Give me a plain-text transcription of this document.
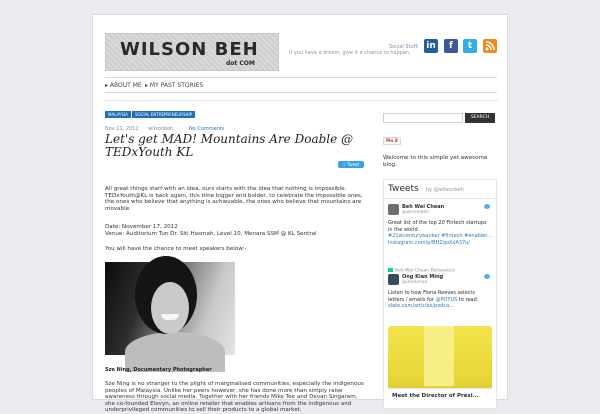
WILSON BEH
dot COM
Social Stuff:
If you have a dream, give it a chance to happen.
in	f	t
▸ ABOUT ME ▸ MY PAST STORIES
MALAYSIA SOCIAL ENTREPRENEURSHIP
Nov 11, 2012 wilsonbeh	No Comments
Let's get MAD! Mountains Are Doable @ TEDxYouth KL
✓ Tweet
All great things start with an idea, ours starts with the idea that nothing is impossible. TEDxYouth@KL is back again, this time bigger and bolder, to celebrate the impossible ones, the ones who believe that anything is achievable, the ones who believe that mountains are movable.
Date: November 17, 2012
Venue: Auditorium Tun Dr. Siti Hasmah, Level 10, Menara SSM @ KL Sentral
You will have the chance to meet speakers below:-
Sze Ning, Documentary Photographer
Sze Ning is no stranger to the plight of marginalised communities, especially the indigenous peoples of Malaysia. Unlike her peers however, she has done more than simply raise awareness through social media. Together with her friends Mike Tee and Devan Singaram, she co-founded Elevyn, an online retailer that enables artisans from the indigenous and underprivileged communities to sell their products to a global market.
SEARCH
Pin it
Welcome to this simple yet awesome blog.
Tweets by @wilsonbeh
Beh Wei Chean
@wilsonbeh
Great list of the top 20 Fintech startups in the world
#21stcenturybanker #fintech #enabler...
instagram.com/p/BHZqoXxA37o/
Beh Wei Chean Retweeted
Ong Kian Ming
@imokman
Listen to how Fiona Reeves selects letters / emails for @POTUS to read:
slate.com/articles/podca...
Meet the Director of Presi...
